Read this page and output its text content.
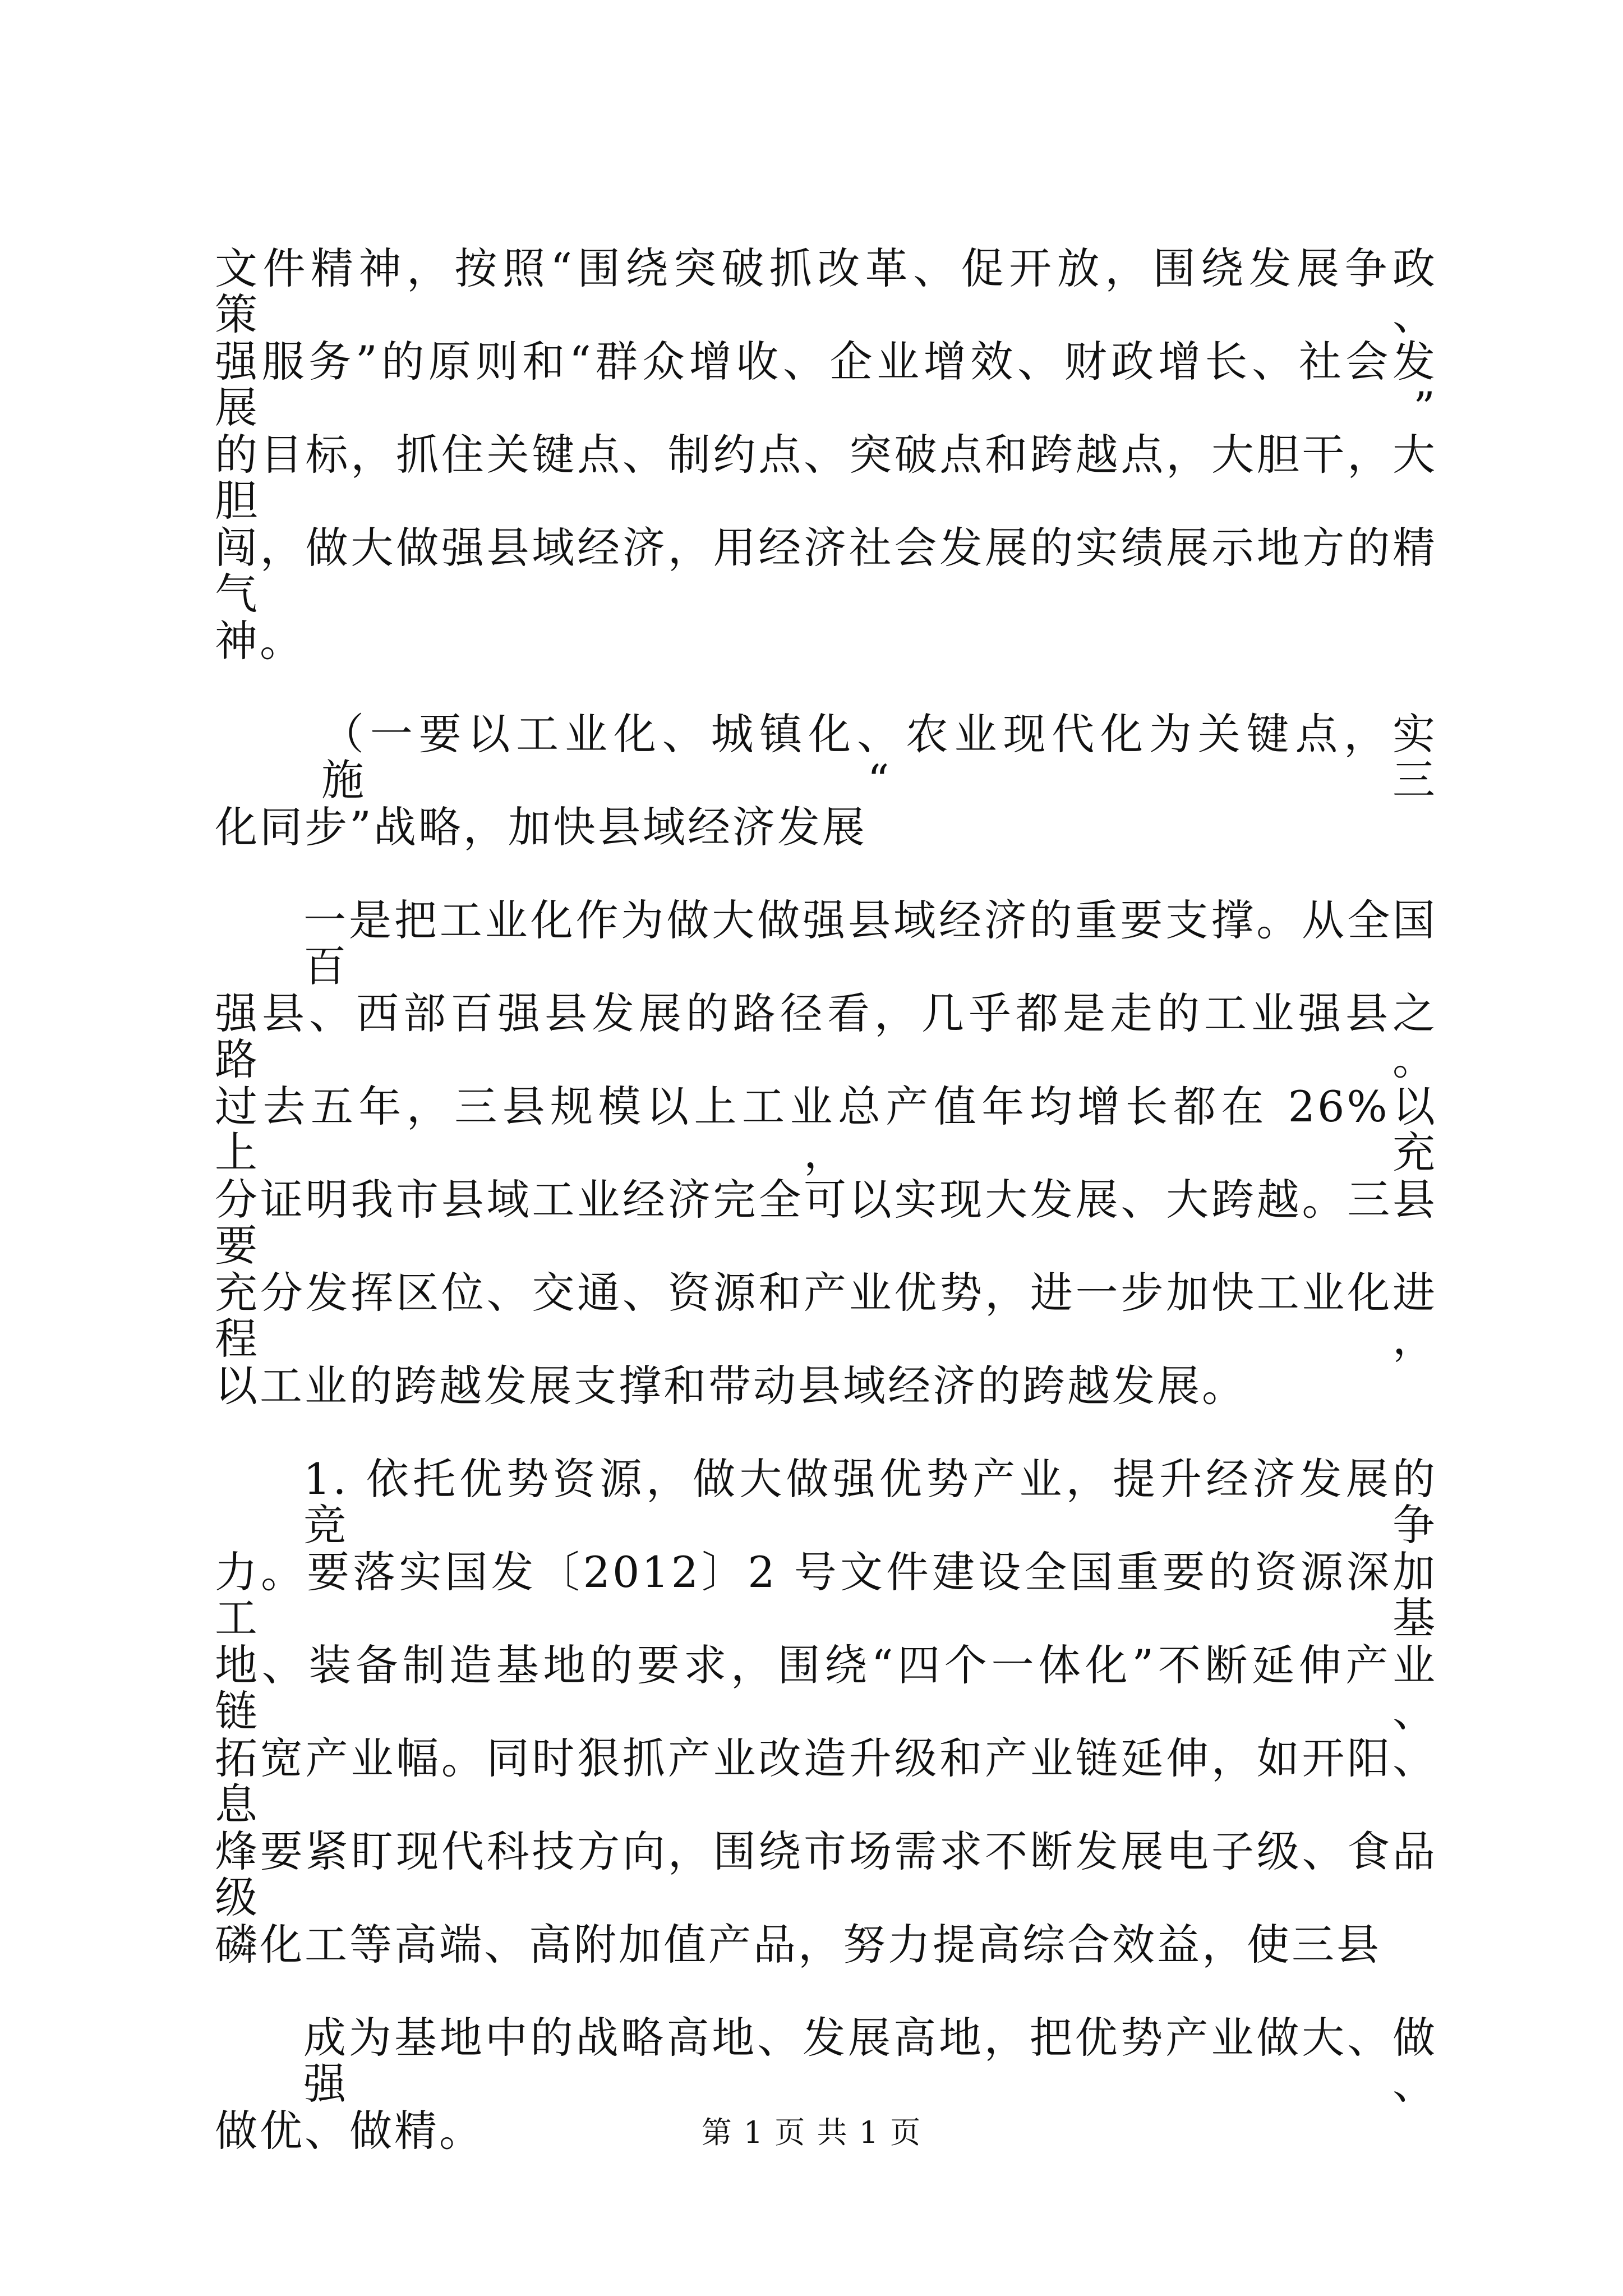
文件精神，按照“围绕突破抓改革、促开放，围绕发展争政策、
强服务”的原则和“群众增收、企业增效、财政增长、社会发展”
的目标，抓住关键点、制约点、突破点和跨越点，大胆干，大胆
闯，做大做强县域经济，用经济社会发展的实绩展示地方的精气
神。
（一要以工业化、城镇化、农业现代化为关键点，实施“三
化同步”战略，加快县域经济发展
一是把工业化作为做大做强县域经济的重要支撑。从全国百
强县、西部百强县发展的路径看，几乎都是走的工业强县之路。
过去五年，三县规模以上工业总产值年均增长都在 26%以上，充
分证明我市县域工业经济完全可以实现大发展、大跨越。三县要
充分发挥区位、交通、资源和产业优势，进一步加快工业化进程，
以工业的跨越发展支撑和带动县域经济的跨越发展。
1. 依托优势资源，做大做强优势产业，提升经济发展的竞争
力。要落实国发〔2012〕2 号文件建设全国重要的资源深加工基
地、装备制造基地的要求，围绕“四个一体化”不断延伸产业链、
拓宽产业幅。同时狠抓产业改造升级和产业链延伸，如开阳、息
烽要紧盯现代科技方向，围绕市场需求不断发展电子级、食品级
磷化工等高端、高附加值产品，努力提高综合效益，使三县
成为基地中的战略高地、发展高地，把优势产业做大、做强、
做优、做精。	第 1 页 共 1 页
